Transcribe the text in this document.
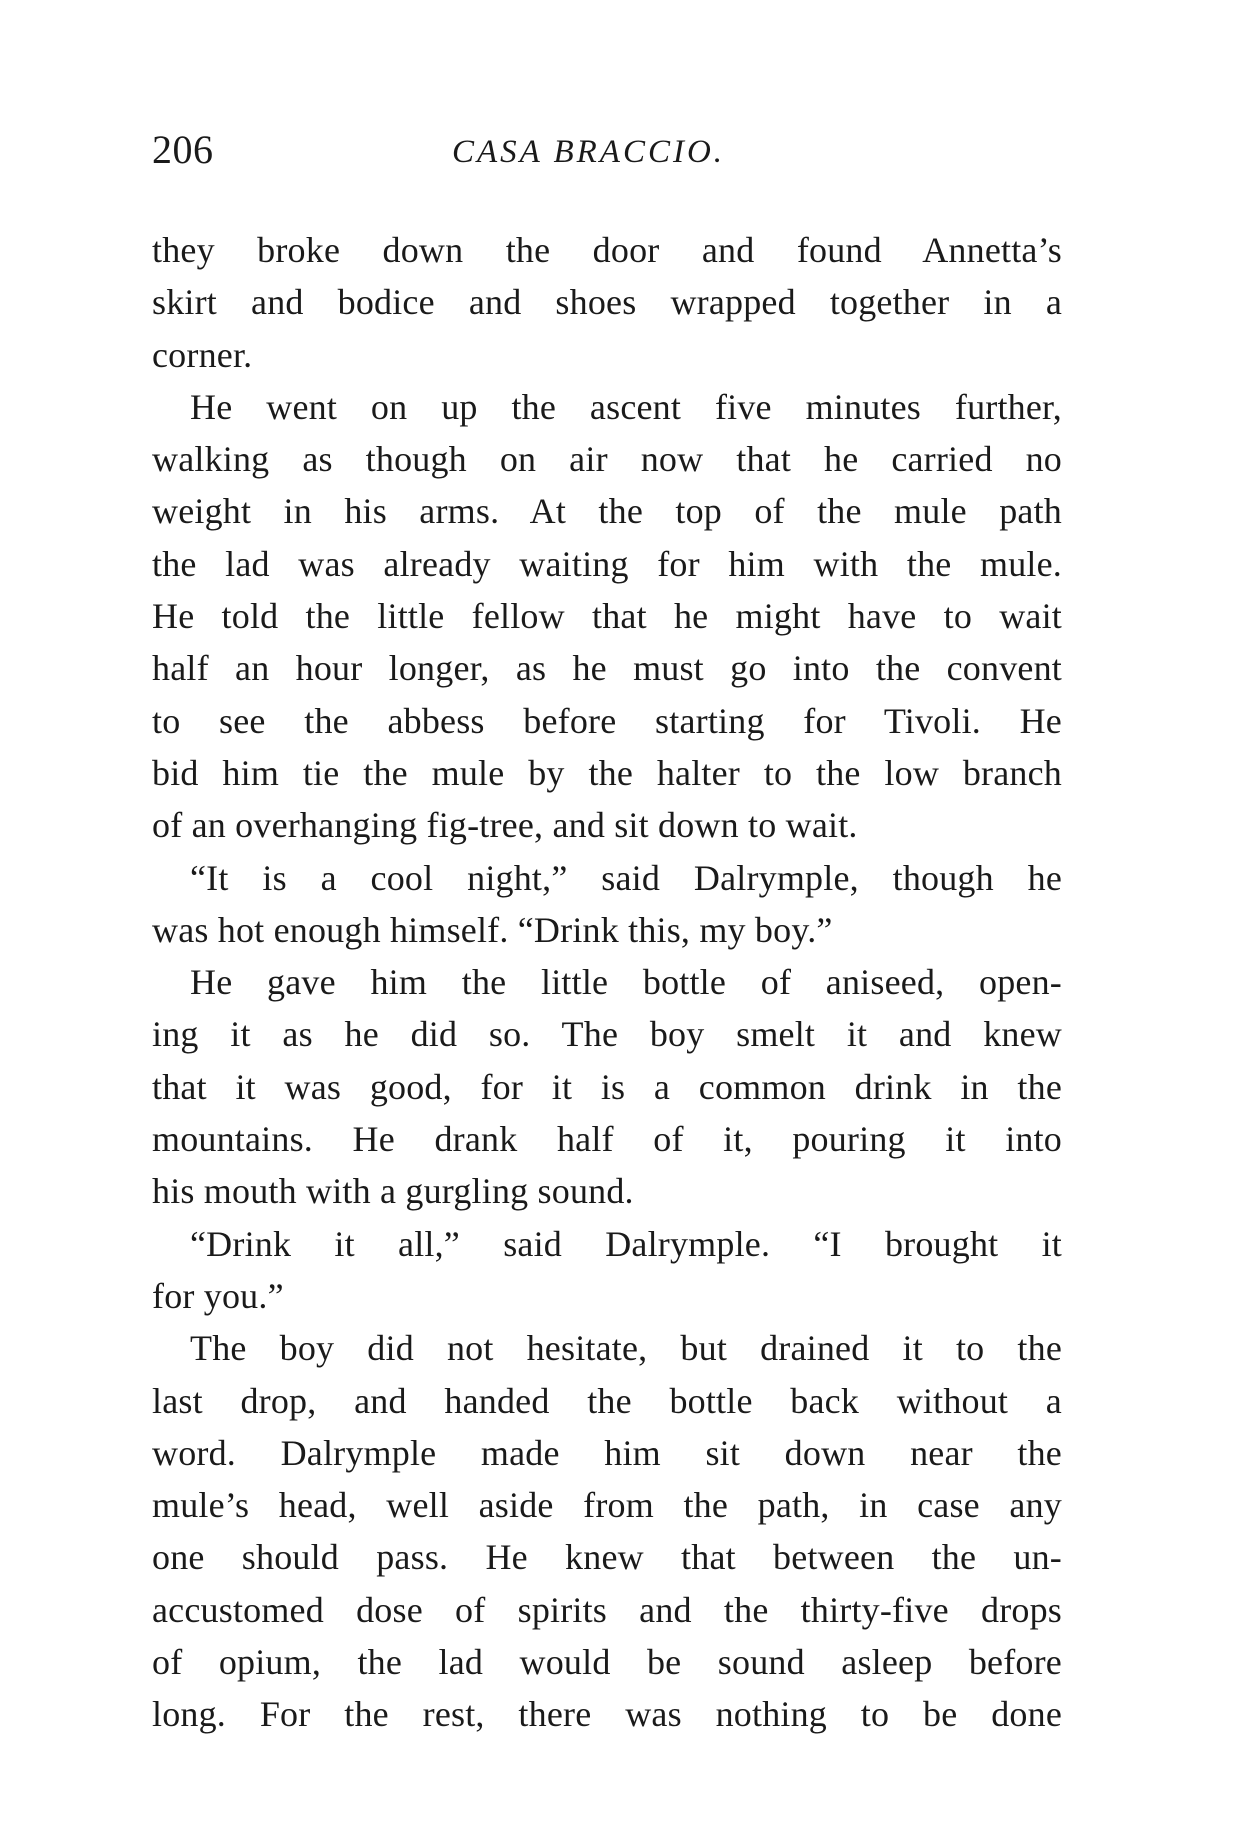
206	CASA BRACCIO.
they broke down the door and found Annetta’s
skirt and bodice and shoes wrapped together in a
corner.
He went on up the ascent five minutes further,
walking as though on air now that he carried no
weight in his arms. At the top of the mule path
the lad was already waiting for him with the mule.
He told the little fellow that he might have to wait
half an hour longer, as he must go into the convent
to see the abbess before starting for Tivoli. He
bid him tie the mule by the halter to the low branch
of an overhanging fig-tree, and sit down to wait.
“It is a cool night,” said Dalrymple, though he
was hot enough himself. “Drink this, my boy.”
He gave him the little bottle of aniseed, open-
ing it as he did so. The boy smelt it and knew
that it was good, for it is a common drink in the
mountains. He drank half of it, pouring it into
his mouth with a gurgling sound.
“Drink it all,” said Dalrymple. “I brought it
for you.”
The boy did not hesitate, but drained it to the
last drop, and handed the bottle back without a
word. Dalrymple made him sit down near the
mule’s head, well aside from the path, in case any
one should pass. He knew that between the un-
accustomed dose of spirits and the thirty-five drops
of opium, the lad would be sound asleep before
long. For the rest, there was nothing to be done
